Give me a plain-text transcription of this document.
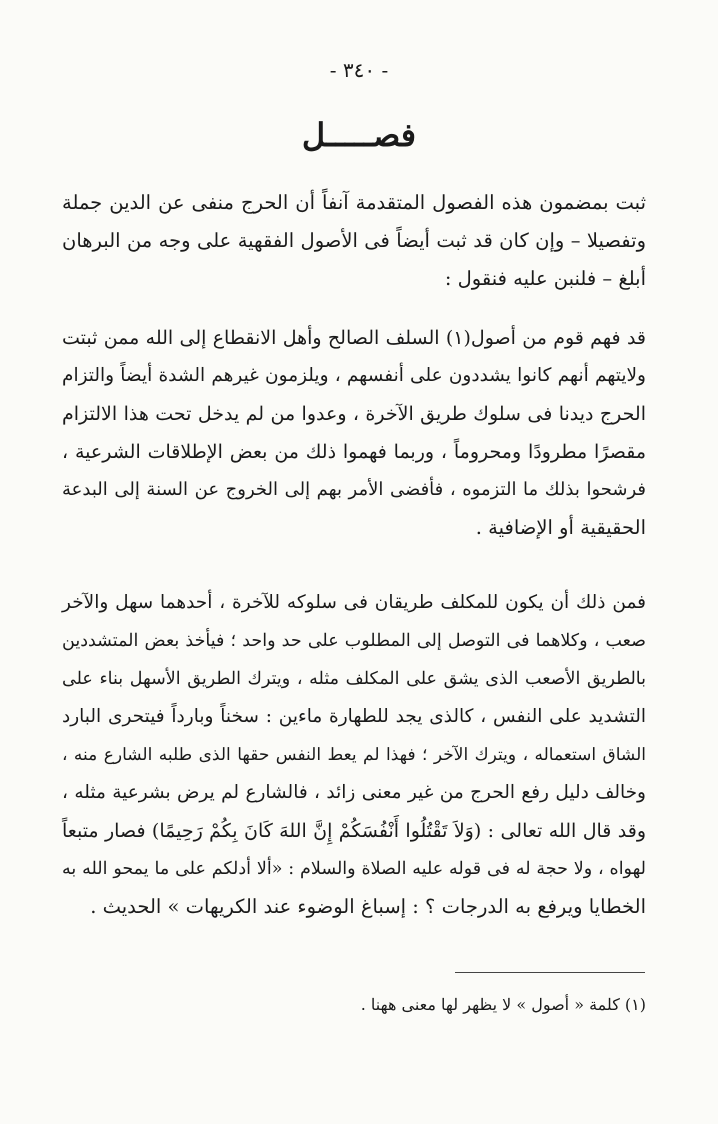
- ٣٤٠ -
فصـــــل
ثبت بمضمون هذه الفصول المتقدمة آنفاً أن الحرج منفى عن الدين جملة
وتفصيلا – وإن كان قد ثبت أيضاً فى الأصول الفقهية على وجه من البرهان
أبلغ – فلنبن عليه فنقول :
قد فهم قوم من أصول(١) السلف الصالح وأهل الانقطاع إلى الله ممن ثبتت
ولايتهم أنهم كانوا يشددون على أنفسهم ، ويلزمون غيرهم الشدة أيضاً والتزام
الحرج ديدنا فى سلوك طريق الآخرة ، وعدوا من لم يدخل تحت هذا الالتزام
مقصرًا مطرودًا ومحروماً ، وربما فهموا ذلك من بعض الإطلاقات الشرعية ،
فرشحوا بذلك ما التزموه ، فأفضى الأمر بهم إلى الخروج عن السنة إلى البدعة
الحقيقية أو الإضافية .
فمن ذلك أن يكون للمكلف طريقان فى سلوكه للآخرة ، أحدهما سهل والآخر
صعب ، وكلاهما فى التوصل إلى المطلوب على حد واحد ؛ فيأخذ بعض المتشددين
بالطريق الأصعب الذى يشق على المكلف مثله ، ويترك الطريق الأسهل بناء على
التشديد على النفس ، كالذى يجد للطهارة ماءين : سخناً وبارداً فيتحرى البارد
الشاق استعماله ، ويترك الآخر ؛ فهذا لم يعط النفس حقها الذى طلبه الشارع منه ،
وخالف دليل رفع الحرج من غير معنى زائد ، فالشارع لم يرض بشرعية مثله ،
وقد قال الله تعالى : (وَلاَ تَقْتُلُوا أَنْفُسَكُمْ إِنَّ اللهَ كَانَ بِكُمْ رَحِيمًا) فصار متبعاً
لهواه ، ولا حجة له فى قوله عليه الصلاة والسلام : «ألا أدلكم على ما يمحو الله به
الخطايا ويرفع به الدرجات ؟ : إسباغ الوضوء عند الكريهات » الحديث .
(١) كلمة « أصول » لا يظهر لها معنى ههنا .
